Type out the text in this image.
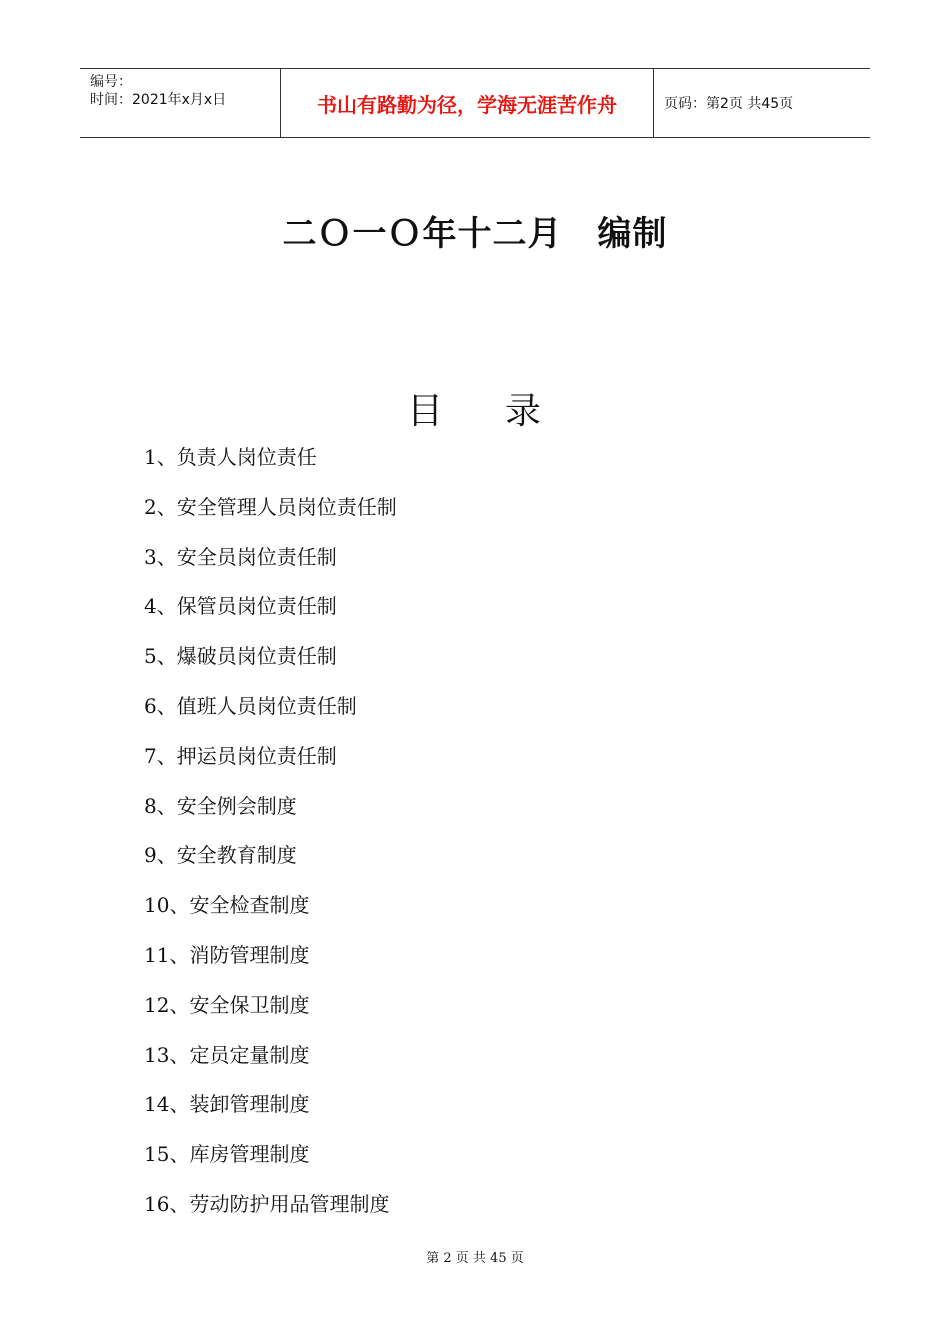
编号：
时间：2021年x月x日	书山有路勤为径，学海无涯苦作舟	页码：第2页 共45页
二Ｏ一Ｏ年十二月　编制
目 录
1、负责人岗位责任
2、安全管理人员岗位责任制
3、安全员岗位责任制
4、保管员岗位责任制
5、爆破员岗位责任制
6、值班人员岗位责任制
7、押运员岗位责任制
8、安全例会制度
9、安全教育制度
10、安全检查制度
11、消防管理制度
12、安全保卫制度
13、定员定量制度
14、装卸管理制度
15、库房管理制度
16、劳动防护用品管理制度
第 2 页 共 45 页
